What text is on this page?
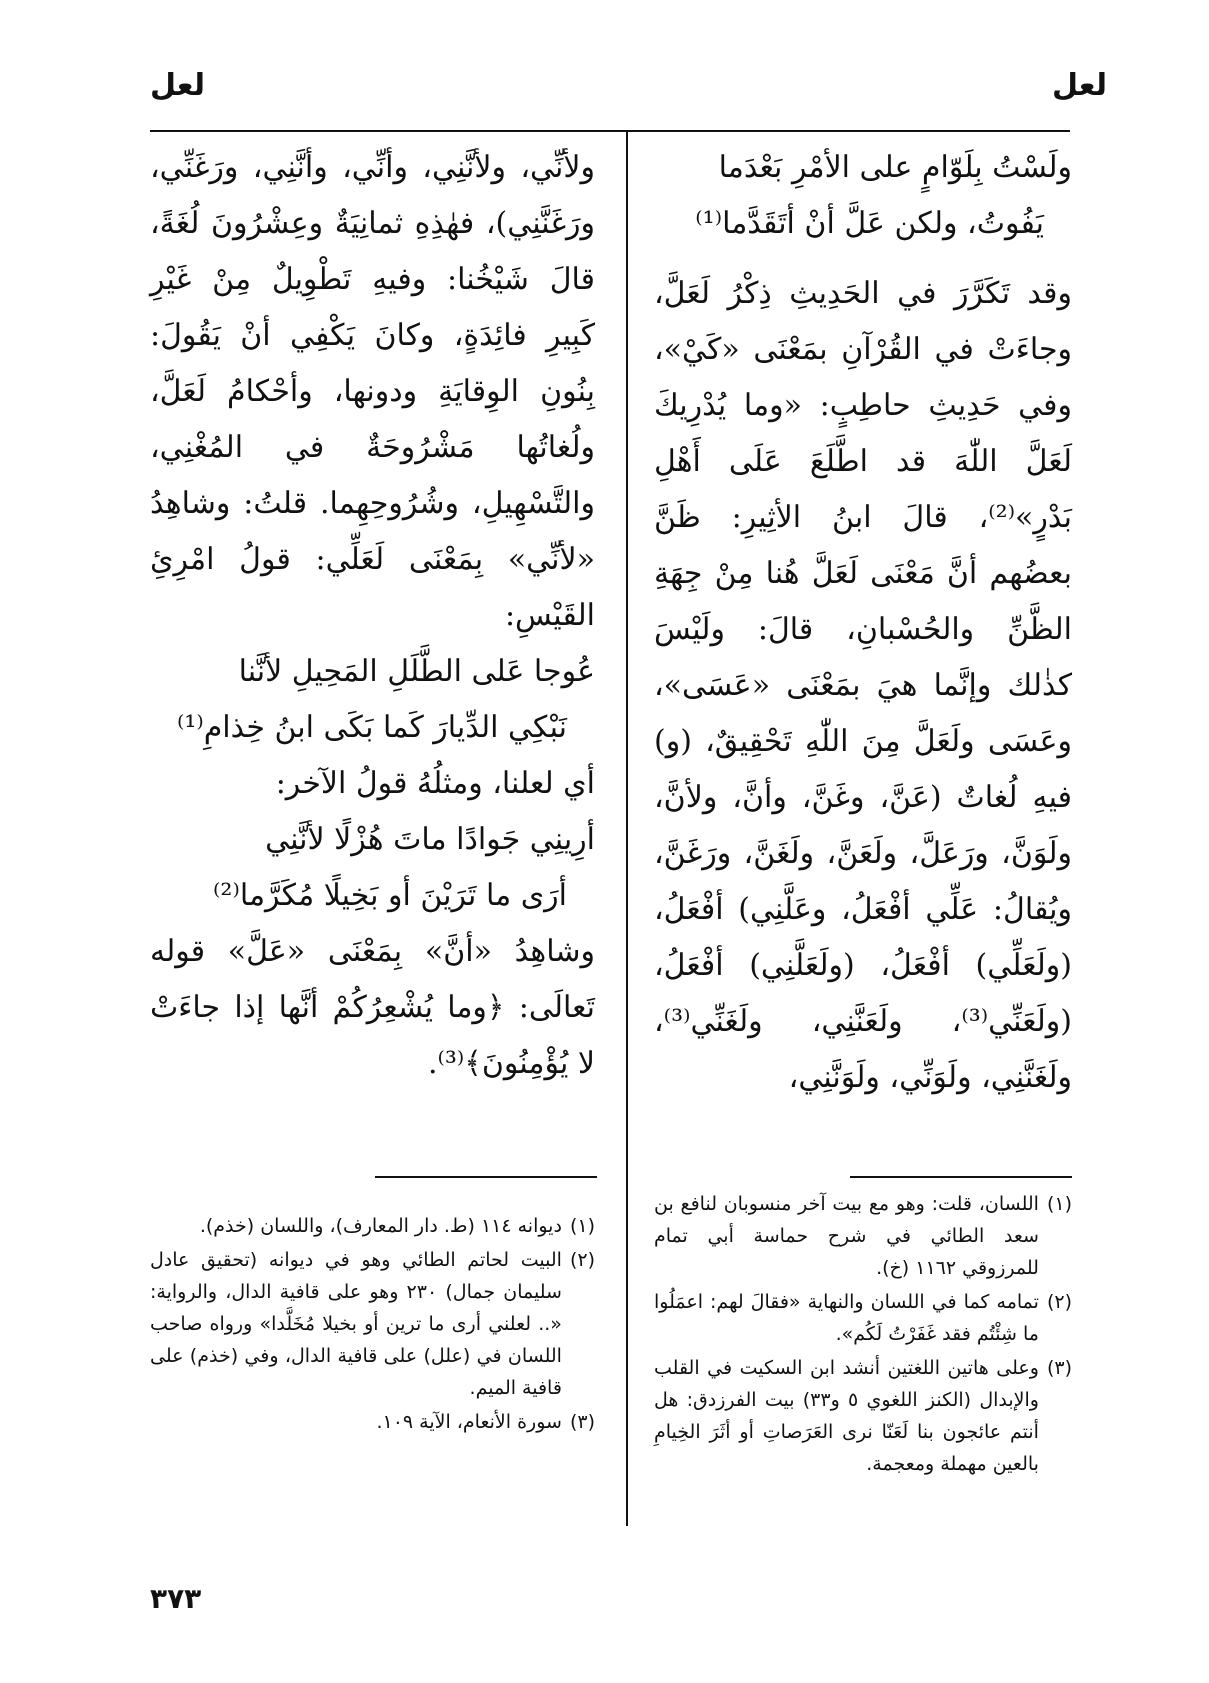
لعل
لعل
ولَسْتُ بِلَوّامٍ على الأمْرِ بَعْدَما
يَفُوتُ، ولكن عَلَّ أنْ أتَقَدَّما⁽¹⁾

وقد تَكَرَّرَ في الحَدِيثِ ذِكْرُ لَعَلَّ، وجاءَتْ في القُرْآنِ بمَعْنَى «كَيْ»، وفي حَدِيثِ حاطِبٍ: «وما يُدْرِيكَ لَعَلَّ اللّٰهَ قد اطَّلَعَ عَلَى أَهْلِ بَدْرٍ»⁽²⁾، قالَ ابنُ الأثِيرِ: ظَنَّ بعضُهم أنَّ مَعْنَى لَعَلَّ هُنا مِنْ جِهَةِ الظَّنِّ والحُسْبانِ، قالَ: ولَيْسَ كذٰلك وإنَّما هيَ بمَعْنَى «عَسَى»، وعَسَى ولَعَلَّ مِنَ اللّٰهِ تَحْقِيقٌ، (و) فيهِ لُغاتٌ (عَنَّ، وغَنَّ، وأنَّ، ولأنَّ، ولَوَنَّ، ورَعَلَّ، ولَعَنَّ، ولَغَنَّ، ورَغَنَّ، ويُقالُ: عَلِّي أفْعَلُ، وعَلَّنِي) أفْعَلُ، (ولَعَلِّي) أفْعَلُ، (ولَعَلَّنِي) أفْعَلُ، (ولَعَنِّي⁽³⁾، ولَعَنَّنِي، ولَغَنِّي⁽³⁾، ولَغَنَّنِي، ولَوَنِّي، ولَوَنَّنِي،

ولأنِّي، ولأنَّنِي، وأنِّي، وأنَّنِي، ورَغَنِّي، ورَغَنَّنِي)، فهٰذِهِ ثمانِيَةٌ وعِشْرُونَ لُغَةً، قالَ شَيْخُنا: وفيهِ تَطْوِيلٌ مِنْ غَيْرِ كَبِيرِ فائِدَةٍ، وكانَ يَكْفِي أنْ يَقُولَ: بِنُونِ الوِقايَةِ ودونها، وأحْكامُ لَعَلَّ، ولُغاتُها مَشْرُوحَةٌ في المُغْنِي، والتَّسْهِيلِ، وشُرُوحِهِما. قلتُ: وشاهِدُ «لأنِّي» بِمَعْنَى لَعَلِّي: قولُ امْرِئِ القَيْسِ:

عُوجا عَلى الطَّلَلِ المَحِيلِ لأنَّنا
نَبْكِي الدِّيارَ كَما بَكَى ابنُ خِذامِ⁽¹⁾

أي لعلنا، ومثلُهُ قولُ الآخر:

أرِينِي جَوادًا ماتَ هُزْلًا لأنَّنِي
أرَى ما تَرَيْنَ أو بَخِيلًا مُكَرَّما⁽²⁾

وشاهِدُ «أنَّ» بِمَعْنَى «عَلَّ» قوله تَعالَى: ﴿وما يُشْعِرُكُمْ أنَّها إذا جاءَتْ لا يُؤْمِنُونَ﴾⁽³⁾.

(١)
اللسان، قلت: وهو مع بيت آخر منسوبان لنافع بن سعد الطائي في شرح حماسة أبي تمام للمرزوقي ١١٦٢ (خ).
(٢)
تمامه كما في اللسان والنهاية «فقالَ لهم: اعمَلُوا ما شِئْتُم فقد غَفَرْتُ لَكُم».
(٣)
وعلى هاتين اللغتين أنشد ابن السكيت في القلب والإبدال (الكنز اللغوي ٥ و٣٣) بيت الفرزدق: هل أنتم عائجون بنا لَعَنّا نرى العَرَصاتِ أو أثَرَ الخِيامِ بالعين مهملة ومعجمة.
(١)
ديوانه ١١٤ (ط. دار المعارف)، واللسان (خذم).
(٢)
البيت لحاتم الطائي وهو في ديوانه (تحقيق عادل سليمان جمال) ٢٣٠ وهو على قافية الدال، والرواية: «.. لعلني أرى ما ترين أو بخيلا مُخَلَّدا» ورواه صاحب اللسان في (علل) على قافية الدال، وفي (خذم) على قافية الميم.
(٣)
سورة الأنعام، الآية ١٠٩.
٣٧٣
